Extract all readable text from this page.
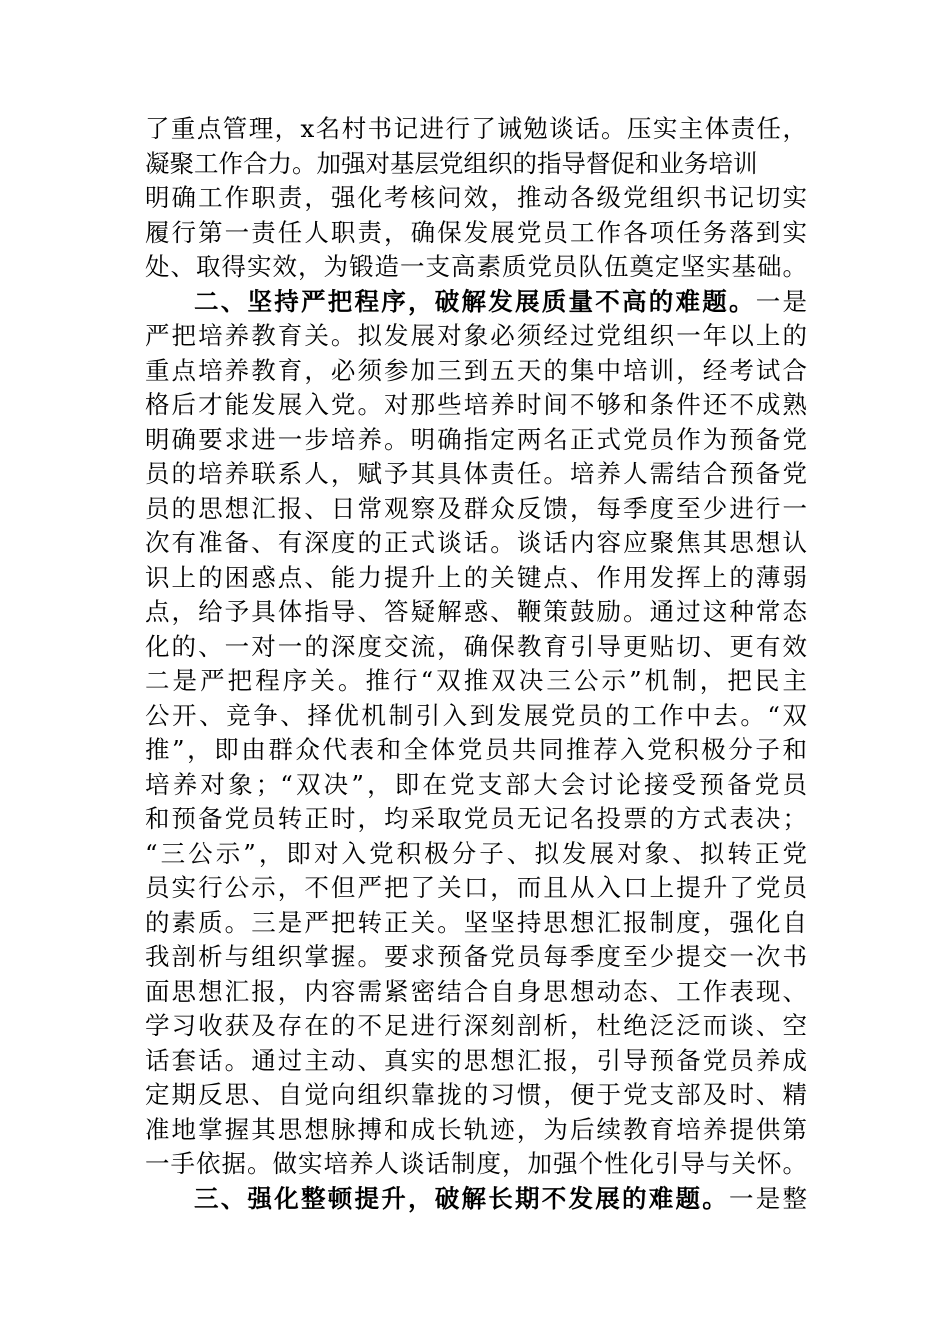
了重点管理，x名村书记进行了诫勉谈话。压实主体责任，
凝聚工作合力。加强对基层党组织的指导督促和业务培训
明确工作职责，强化考核问效，推动各级党组织书记切实
履行第一责任人职责，确保发展党员工作各项任务落到实
处、取得实效，为锻造一支高素质党员队伍奠定坚实基础。
二、坚持严把程序，破解发展质量不高的难题。一是
严把培养教育关。拟发展对象必须经过党组织一年以上的
重点培养教育，必须参加三到五天的集中培训，经考试合
格后才能发展入党。对那些培养时间不够和条件还不成熟
明确要求进一步培养。明确指定两名正式党员作为预备党
员的培养联系人，赋予其具体责任。培养人需结合预备党
员的思想汇报、日常观察及群众反馈，每季度至少进行一
次有准备、有深度的正式谈话。谈话内容应聚焦其思想认
识上的困惑点、能力提升上的关键点、作用发挥上的薄弱
点，给予具体指导、答疑解惑、鞭策鼓励。通过这种常态
化的、一对一的深度交流，确保教育引导更贴切、更有效
二是严把程序关。推行“双推双决三公示”机制，把民主
公开、竞争、择优机制引入到发展党员的工作中去。“双
推”，即由群众代表和全体党员共同推荐入党积极分子和
培养对象；“双决”，即在党支部大会讨论接受预备党员
和预备党员转正时，均采取党员无记名投票的方式表决；
“三公示”，即对入党积极分子、拟发展对象、拟转正党
员实行公示，不但严把了关口，而且从入口上提升了党员
的素质。三是严把转正关。坚坚持思想汇报制度，强化自
我剖析与组织掌握。要求预备党员每季度至少提交一次书
面思想汇报，内容需紧密结合自身思想动态、工作表现、
学习收获及存在的不足进行深刻剖析，杜绝泛泛而谈、空
话套话。通过主动、真实的思想汇报，引导预备党员养成
定期反思、自觉向组织靠拢的习惯，便于党支部及时、精
准地掌握其思想脉搏和成长轨迹，为后续教育培养提供第
一手依据。做实培养人谈话制度，加强个性化引导与关怀。
三、强化整顿提升，破解长期不发展的难题。一是整
